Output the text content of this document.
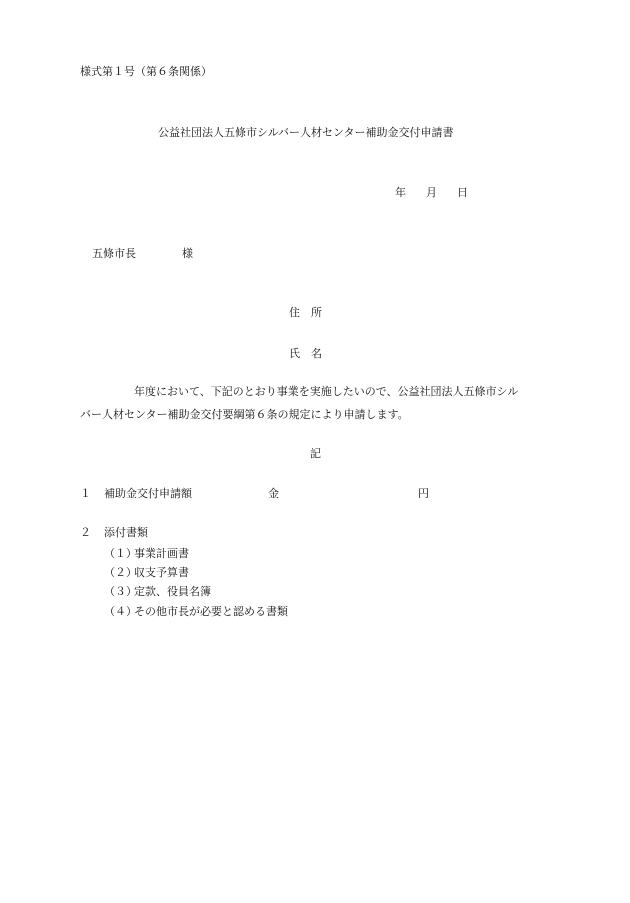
様式第１号（第６条関係）
公益社団法人五條市シルバー人材センター補助金交付申請書
年 月 日
五條市長	様
住 所
氏 名
年度において、下記のとおり事業を実施したいので、公益社団法人五條市シル
バー人材センター補助金交付要綱第６条の規定により申請します。
記
１ 補助金交付申請額	金	円
２ 添付書類
（１）事業計画書
（２）収支予算書
（３）定款、役員名簿
（４）その他市長が必要と認める書類
